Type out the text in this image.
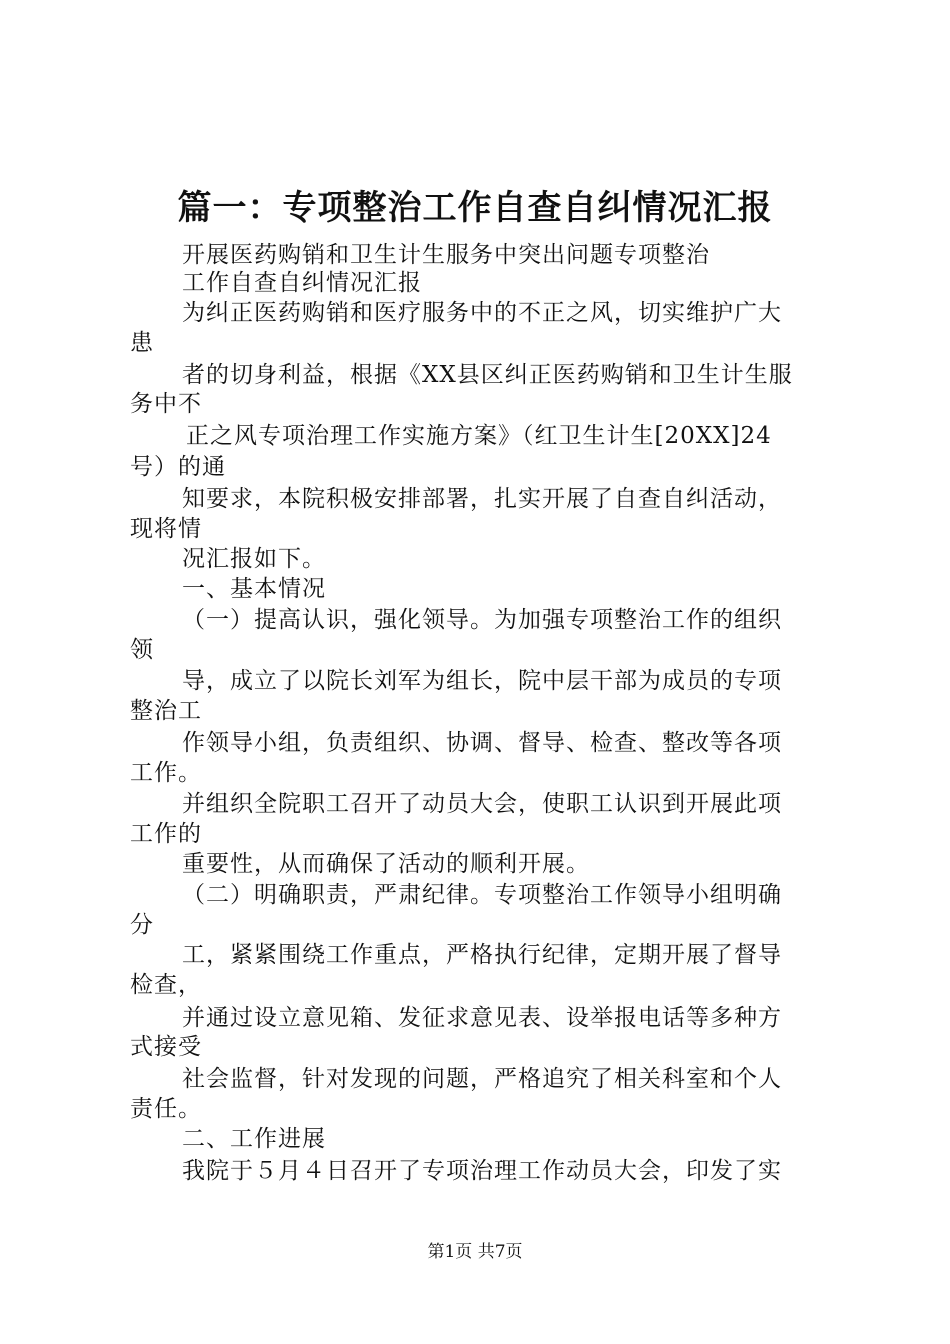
篇一：专项整治工作自查自纠情况汇报
开展医药购销和卫生计生服务中突出问题专项整治
工作自查自纠情况汇报
为纠正医药购销和医疗服务中的不正之风，切实维护广大
患
者的切身利益，根据《XX县区纠正医药购销和卫生计生服
务中不
正之风专项治理工作实施方案》（红卫生计生[20XX]24
号）的通
知要求，本院积极安排部署，扎实开展了自查自纠活动，
现将情
况汇报如下。
一、基本情况
（一）提高认识，强化领导。为加强专项整治工作的组织
领
导，成立了以院长刘军为组长，院中层干部为成员的专项
整治工
作领导小组，负责组织、协调、督导、检查、整改等各项
工作。
并组织全院职工召开了动员大会，使职工认识到开展此项
工作的
重要性，从而确保了活动的顺利开展。
（二）明确职责，严肃纪律。专项整治工作领导小组明确
分
工，紧紧围绕工作重点，严格执行纪律，定期开展了督导
检查，
并通过设立意见箱、发征求意见表、设举报电话等多种方
式接受
社会监督，针对发现的问题，严格追究了相关科室和个人
责任。
二、工作进展
我院于５月４日召开了专项治理工作动员大会，印发了实
第1页 共7页
